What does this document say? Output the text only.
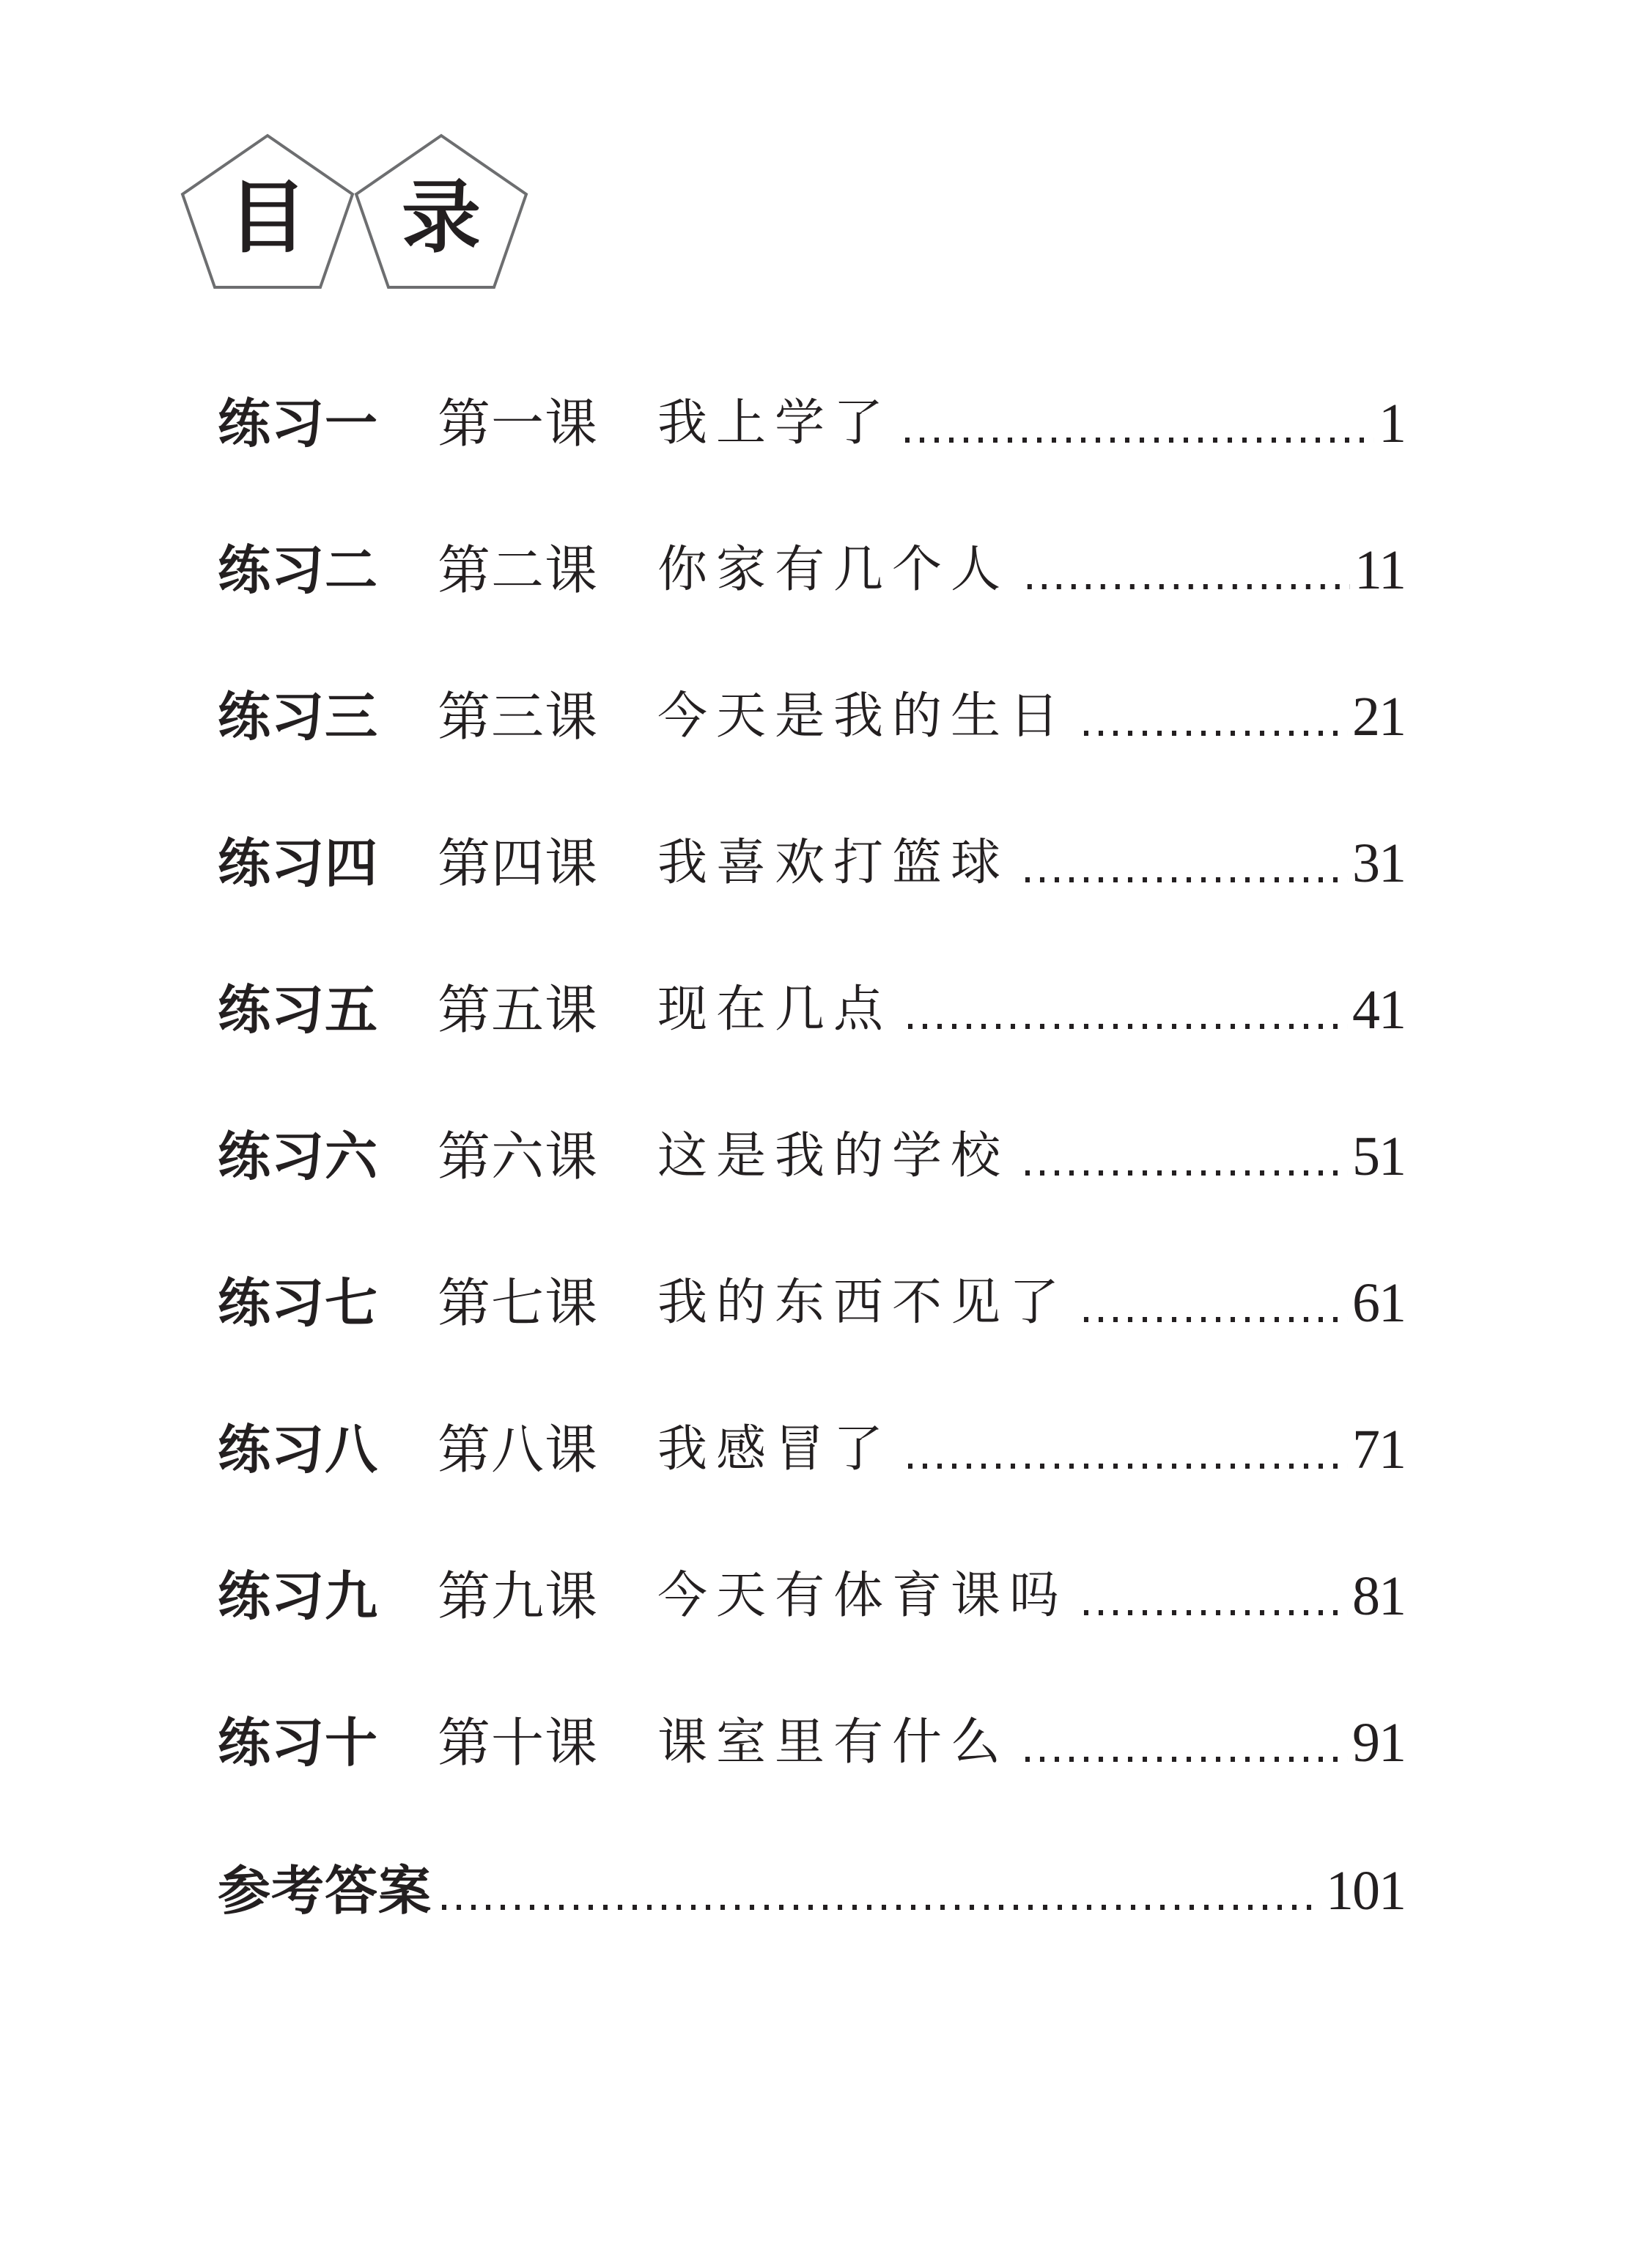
目 录
练习一	第一课	我上学了	1
练习二	第二课	你家有几个人	11
练习三	第三课	今天是我的生日	21
练习四	第四课	我喜欢打篮球	31
练习五	第五课	现在几点	41
练习六	第六课	这是我的学校	51
练习七	第七课	我的东西不见了	61
练习八	第八课	我感冒了	71
练习九	第九课	今天有体育课吗	81
练习十	第十课	课室里有什么	91
参考答案	101
